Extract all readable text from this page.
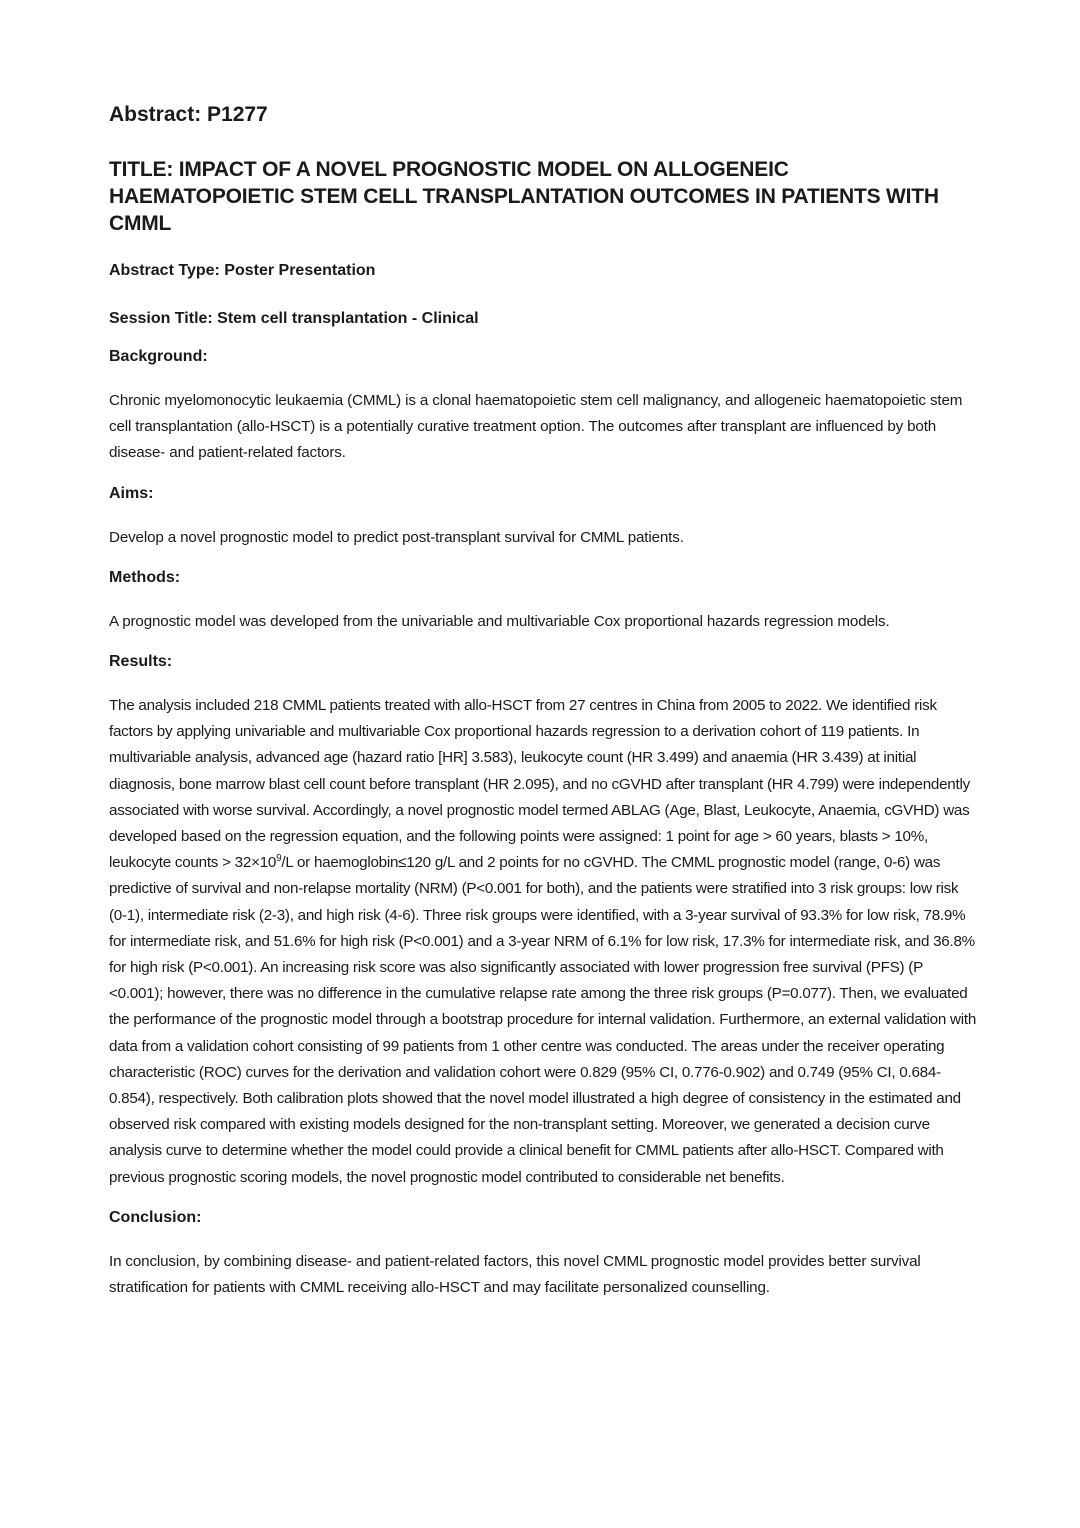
Abstract: P1277
TITLE: IMPACT OF A NOVEL PROGNOSTIC MODEL ON ALLOGENEIC HAEMATOPOIETIC STEM CELL TRANSPLANTATION OUTCOMES IN PATIENTS WITH CMML
Abstract Type: Poster Presentation
Session Title: Stem cell transplantation - Clinical
Background:

Chronic myelomonocytic leukaemia (CMML) is a clonal haematopoietic stem cell malignancy, and allogeneic haematopoietic stem cell transplantation (allo-HSCT) is a potentially curative treatment option. The outcomes after transplant are influenced by both disease- and patient-related factors.

Aims:

Develop a novel prognostic model to predict post-transplant survival for CMML patients.

Methods:

A prognostic model was developed from the univariable and multivariable Cox proportional hazards regression models.

Results:

The analysis included 218 CMML patients treated with allo-HSCT from 27 centres in China from 2005 to 2022. We identified risk factors by applying univariable and multivariable Cox proportional hazards regression to a derivation cohort of 119 patients. In multivariable analysis, advanced age (hazard ratio [HR] 3.583), leukocyte count (HR 3.499) and anaemia (HR 3.439) at initial diagnosis, bone marrow blast cell count before transplant (HR 2.095), and no cGVHD after transplant (HR 4.799) were independently associated with worse survival. Accordingly, a novel prognostic model termed ABLAG (Age, Blast, Leukocyte, Anaemia, cGVHD) was developed based on the regression equation, and the following points were assigned: 1 point for age > 60 years, blasts > 10%, leukocyte counts > $32\times 10^9/L$ or haemoglobin≤120 g/L and 2 points for no cGVHD. The CMML prognostic model (range, 0-6) was predictive of survival and non-relapse mortality (NRM) (P<0.001 for both), and the patients were stratified into 3 risk groups: low risk (0-1), intermediate risk (2-3), and high risk (4-6). Three risk groups were identified, with a 3-year survival of 93.3% for low risk, 78.9% for intermediate risk, and 51.6% for high risk (P<0.001) and a 3-year NRM of 6.1% for low risk, 17.3% for intermediate risk, and 36.8% for high risk (P<0.001). An increasing risk score was also significantly associated with lower progression free survival (PFS) (P <0.001); however, there was no difference in the cumulative relapse rate among the three risk groups (P=0.077). Then, we evaluated the performance of the prognostic model through a bootstrap procedure for internal validation. Furthermore, an external validation with data from a validation cohort consisting of 99 patients from 1 other centre was conducted. The areas under the receiver operating characteristic (ROC) curves for the derivation and validation cohort were 0.829 (95% CI, 0.776-0.902) and 0.749 (95% CI, 0.684-0.854), respectively. Both calibration plots showed that the novel model illustrated a high degree of consistency in the estimated and observed risk compared with existing models designed for the non-transplant setting. Moreover, we generated a decision curve analysis curve to determine whether the model could provide a clinical benefit for CMML patients after allo-HSCT. Compared with previous prognostic scoring models, the novel prognostic model contributed to considerable net benefits.

Conclusion:

In conclusion, by combining disease- and patient-related factors, this novel CMML prognostic model provides better survival stratification for patients with CMML receiving allo-HSCT and may facilitate personalized counselling.
